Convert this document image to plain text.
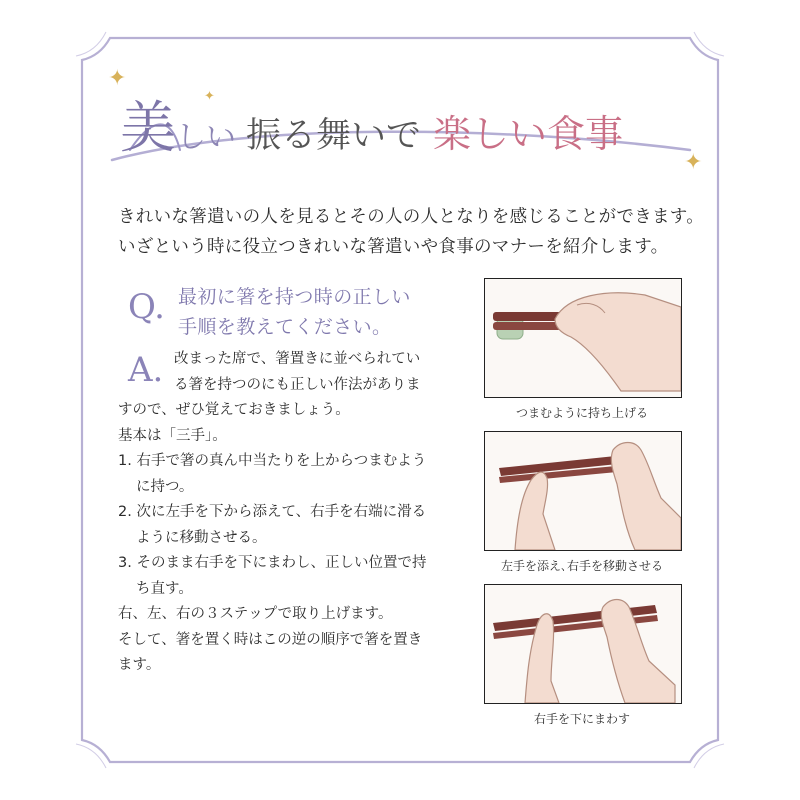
✦
✦
✦
美 しい 振る舞いで 楽しい食事

きれいな箸遣いの人を見るとその人の人となりを感じることができます。

いざという時に役立つきれいな箸遣いや食事のマナーを紹介します。

Q. 最初に箸を持つ時の正しい

手順を教えてください。

A. 改まった席で、箸置きに並べられてい

る箸を持つのにも正しい作法がありま

すので、ぜひ覚えておきましょう。

基本は「三手」。

1. 右手で箸の真ん中当たりを上からつまむよう

に持つ。

2. 次に左手を下から添えて、右手を右端に滑る

ように移動させる。

3. そのまま右手を下にまわし、正しい位置で持

ち直す。

右、左、右の３ステップで取り上げます。

そして、箸を置く時はこの逆の順序で箸を置き

ます。

つまむように持ち上げる
左手を添え､右手を移動させる
右手を下にまわす
